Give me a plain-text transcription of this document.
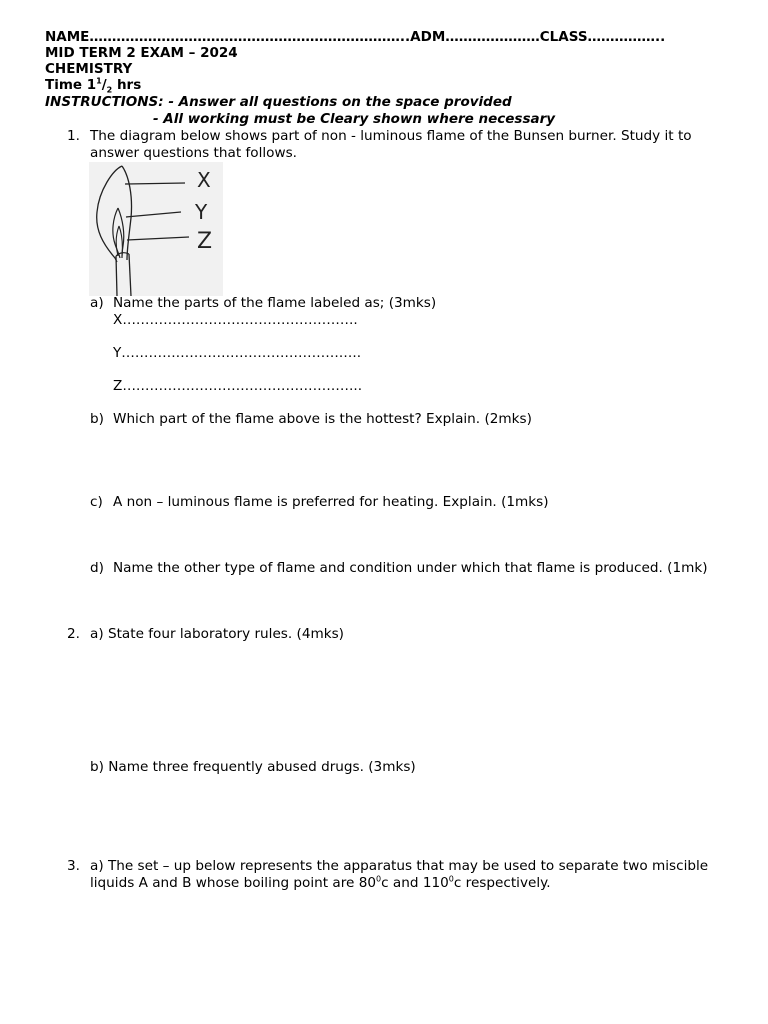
NAME……………………………………………………………..ADM…………………CLASS……………..
MID TERM 2 EXAM – 2024
CHEMISTRY
Time $1^1/_2$ hrs
INSTRUCTIONS: - Answer all questions on the space provided
- All working must be Cleary shown where necessary
1. The diagram below shows part of non - luminous flame of the Bunsen burner. Study it to
answer questions that follows.
X
Y
Z
a) Name the parts of the flame labeled as; (3mks)
X…………………………………………….
Y……………………………………………..
Z……………………………………………..
b) Which part of the flame above is the hottest? Explain. (2mks)
c) A non – luminous flame is preferred for heating. Explain. (1mks)
d) Name the other type of flame and condition under which that flame is produced. (1mk)
2. a) State four laboratory rules. (4mks)
b) Name three frequently abused drugs. (3mks)
3. a) The set – up below represents the apparatus that may be used to separate two miscible
liquids A and B whose boiling point are $80^0c$ and $110^0c$ respectively.
